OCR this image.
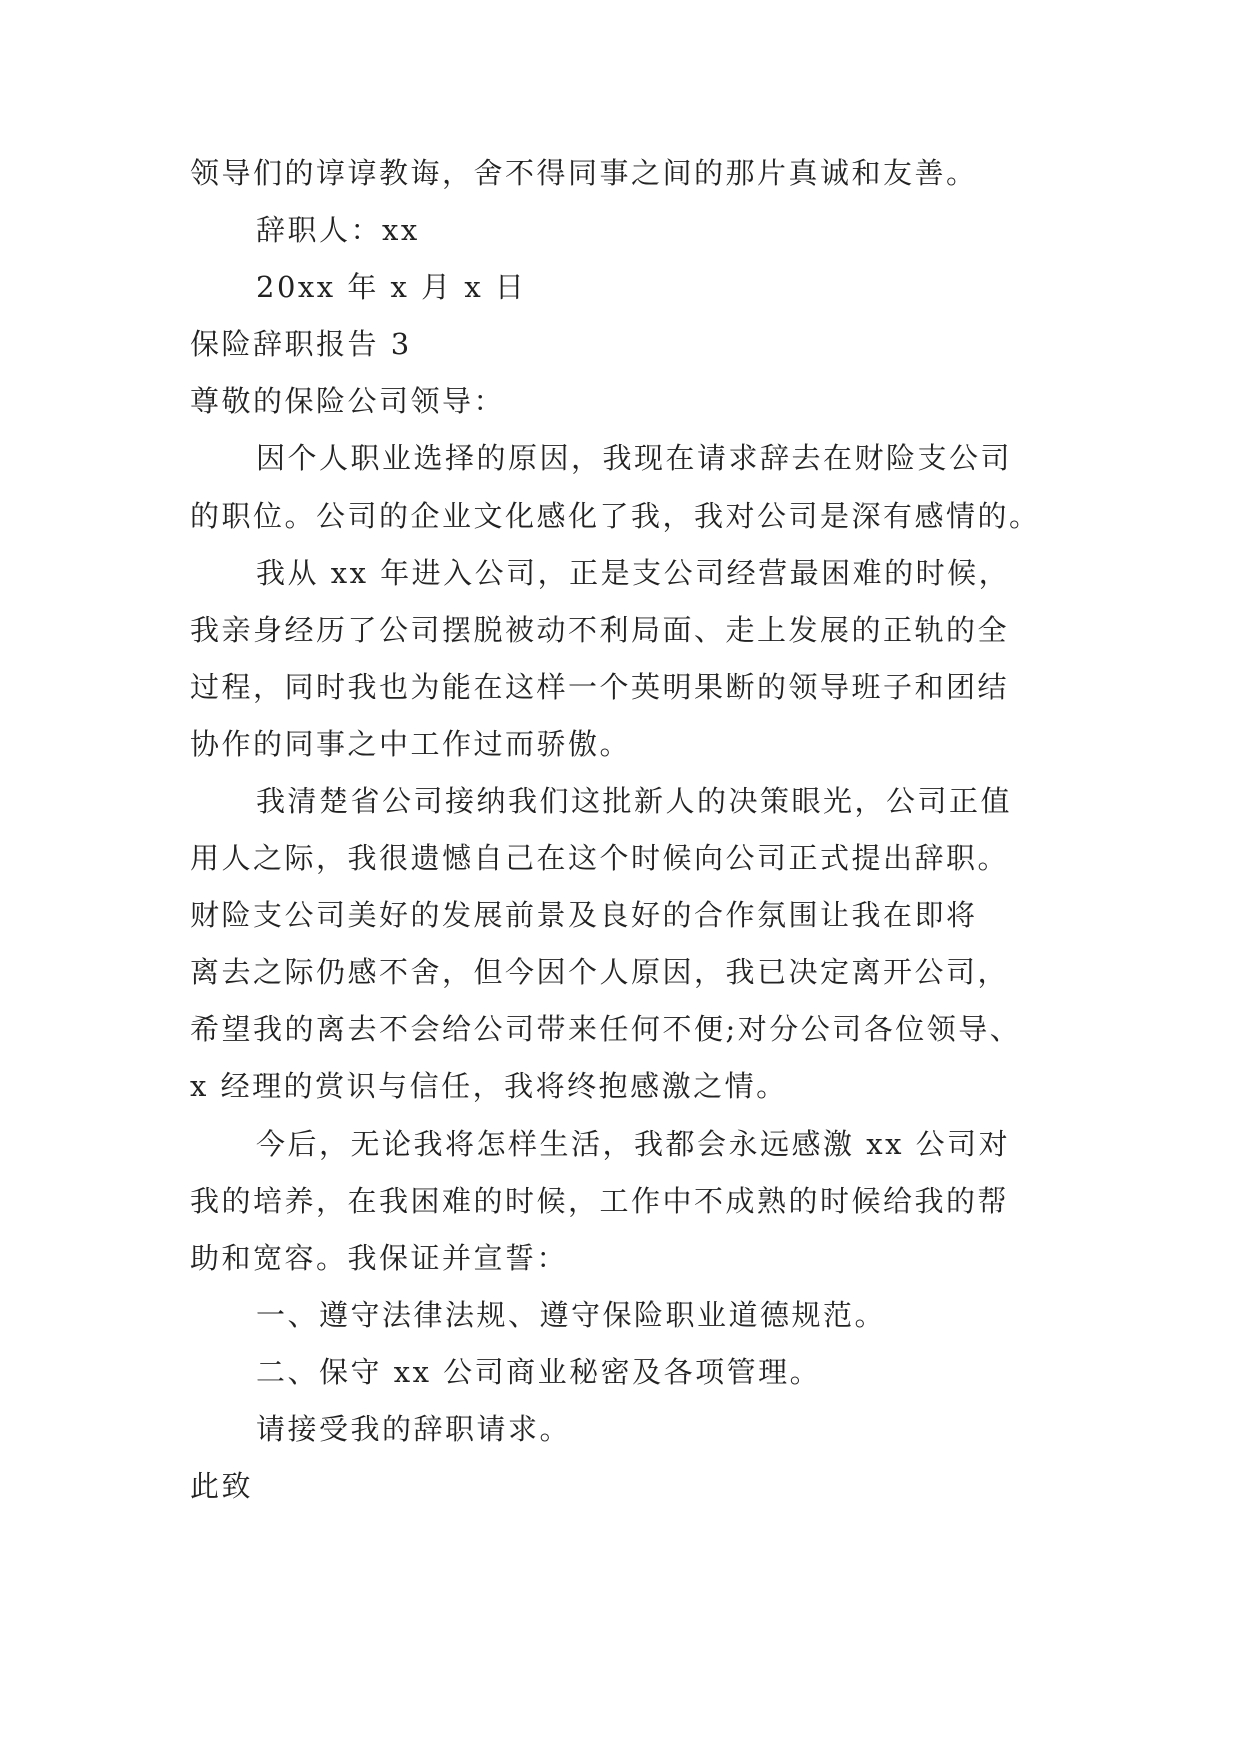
领导们的谆谆教诲，舍不得同事之间的那片真诚和友善。
辞职人：xx
20xx 年 x 月 x 日
保险辞职报告 3
尊敬的保险公司领导：
因个人职业选择的原因，我现在请求辞去在财险支公司
的职位。公司的企业文化感化了我，我对公司是深有感情的。
我从 xx 年进入公司，正是支公司经营最困难的时候，
我亲身经历了公司摆脱被动不利局面、走上发展的正轨的全
过程，同时我也为能在这样一个英明果断的领导班子和团结
协作的同事之中工作过而骄傲。
我清楚省公司接纳我们这批新人的决策眼光，公司正值
用人之际，我很遗憾自己在这个时候向公司正式提出辞职。
财险支公司美好的发展前景及良好的合作氛围让我在即将
离去之际仍感不舍，但今因个人原因，我已决定离开公司，
希望我的离去不会给公司带来任何不便;对分公司各位领导、
x 经理的赏识与信任，我将终抱感激之情。
今后，无论我将怎样生活，我都会永远感激 xx 公司对
我的培养，在我困难的时候，工作中不成熟的时候给我的帮
助和宽容。我保证并宣誓：
一、遵守法律法规、遵守保险职业道德规范。
二、保守 xx 公司商业秘密及各项管理。
请接受我的辞职请求。
此致
